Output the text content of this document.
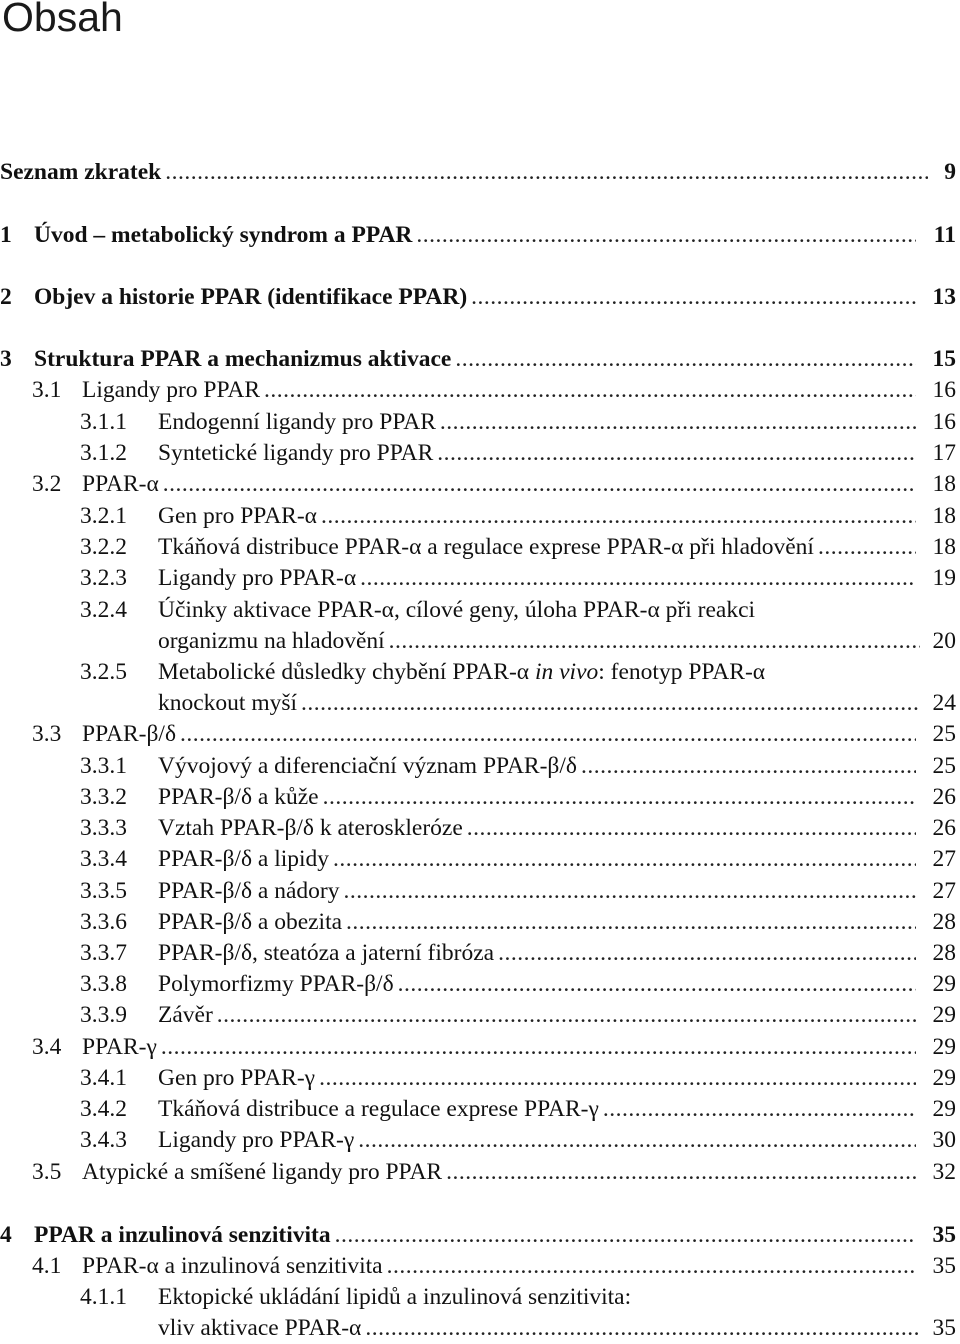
Obsah
Seznam zkratek .....	9
1 Úvod – metabolický syndrom a PPAR .....	11
2 Objev a historie PPAR (identifikace PPAR) .....	13
3 Struktura PPAR a mechanizmus aktivace .....	15
3.1 Ligandy pro PPAR .....	16
3.1.1 Endogenní ligandy pro PPAR .....	16
3.1.2 Syntetické ligandy pro PPAR .....	17
3.2 PPAR-α .....	18
3.2.1 Gen pro PPAR-α .....	18
3.2.2 Tkáňová distribuce PPAR-α a regulace exprese PPAR-α při hladovění .....	18
3.2.3 Ligandy pro PPAR-α .....	19
3.2.4 Účinky aktivace PPAR-α, cílové geny, úloha PPAR-α při reakci
organizmu na hladovění .....	20
3.2.5 Metabolické důsledky chybění PPAR-α in vivo: fenotyp PPAR-α
knockout myší .....	24
3.3 PPAR-β/δ .....	25
3.3.1 Vývojový a diferenciační význam PPAR-β/δ .....	25
3.3.2 PPAR-β/δ a kůže .....	26
3.3.3 Vztah PPAR-β/δ k ateroskleróze .....	26
3.3.4 PPAR-β/δ a lipidy .....	27
3.3.5 PPAR-β/δ a nádory .....	27
3.3.6 PPAR-β/δ a obezita .....	28
3.3.7 PPAR-β/δ, steatóza a jaterní fibróza .....	28
3.3.8 Polymorfizmy PPAR-β/δ .....	29
3.3.9 Závěr .....	29
3.4 PPAR-γ .....	29
3.4.1 Gen pro PPAR-γ .....	29
3.4.2 Tkáňová distribuce a regulace exprese PPAR-γ .....	29
3.4.3 Ligandy pro PPAR-γ .....	30
3.5 Atypické a smíšené ligandy pro PPAR .....	32
4 PPAR a inzulinová senzitivita .....	35
4.1 PPAR-α a inzulinová senzitivita .....	35
4.1.1 Ektopické ukládání lipidů a inzulinová senzitivita:
vliv aktivace PPAR-α .....	35
